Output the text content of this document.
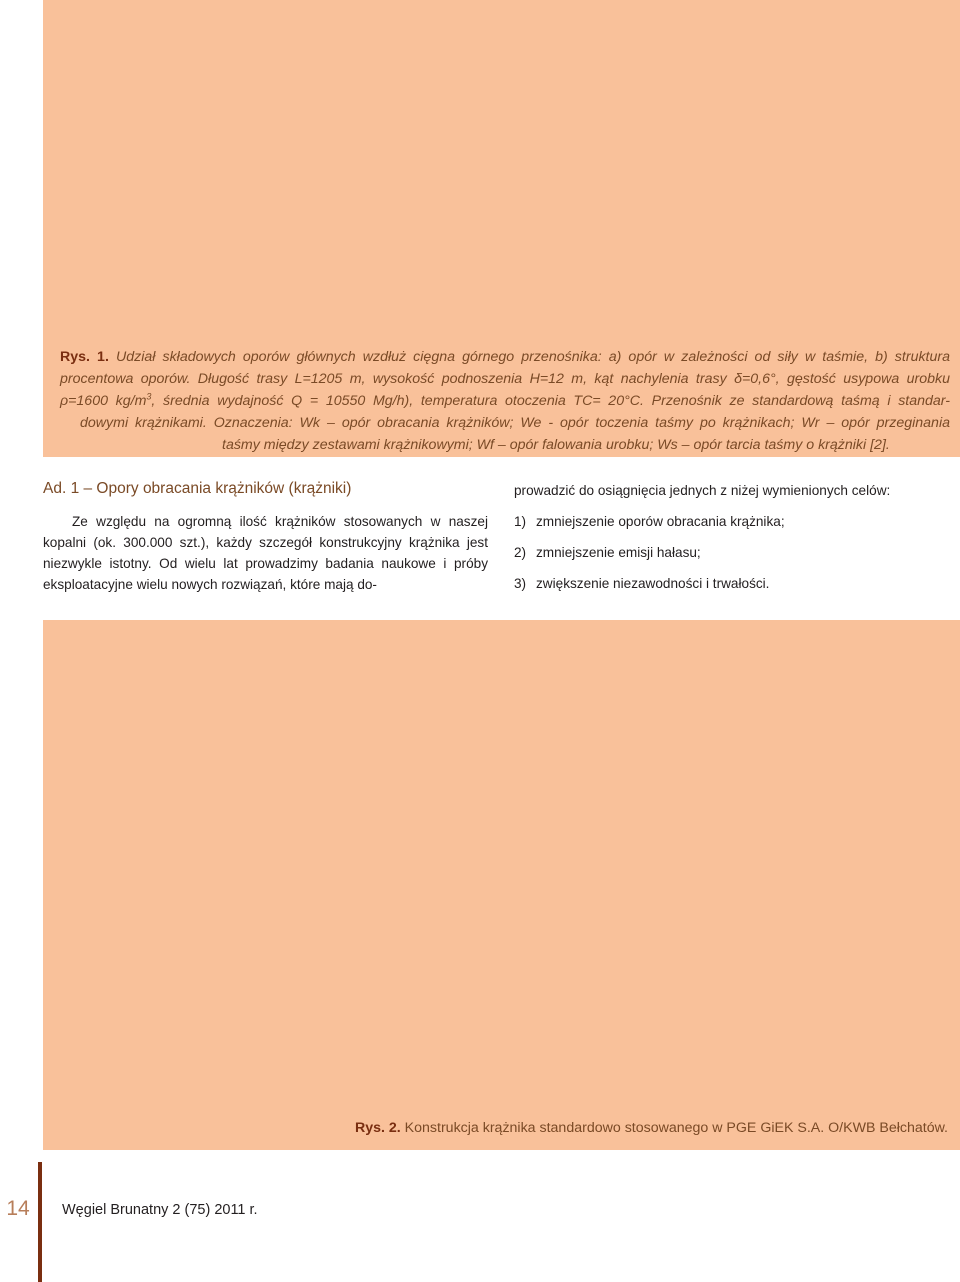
Rys. 1. Udział składowych oporów głównych wzdłuż cięgna górnego przenośnika: a) opór w zależności od siły w taśmie, b) struktura
procentowa oporów. Długość trasy L=1205 m, wysokość podnoszenia H=12 m, kąt nachylenia trasy δ=0,6°, gęstość usypowa urobku
ρ=1600 $kg/m^3$, średnia wydajność Q = 10550 Mg/h), temperatura otoczenia TC= 20°C. Przenośnik ze standardową taśmą i standar-
dowymi krążnikami. Oznaczenia: Wk – opór obracania krążników; We - opór toczenia taśmy po krążnikach; Wr – opór przeginania
taśmy między zestawami krążnikowymi; Wf – opór falowania urobku; Ws – opór tarcia taśmy o krążniki [2].
Ad. 1 – Opory obracania krążników (krążniki)
Ze względu na ogromną ilość krążników stosowanych w naszej kopalni (ok. 300.000 szt.), każdy szczegół konstrukcyjny krążnika jest niezwykle istotny. Od wielu lat prowadzimy badania naukowe i próby eksploatacyjne wielu nowych rozwiązań, które mają do-

prowadzić do osiągnięcia jednych z niżej wymienionych celów:

1) zmniejszenie oporów obracania krążnika;
2) zmniejszenie emisji hałasu;
3) zwiększenie niezawodności i trwałości.
Rys. 2. Konstrukcja krążnika standardowo stosowanego w PGE GiEK S.A. O/KWB Bełchatów.
14	Węgiel Brunatny 2 (75) 2011 r.
